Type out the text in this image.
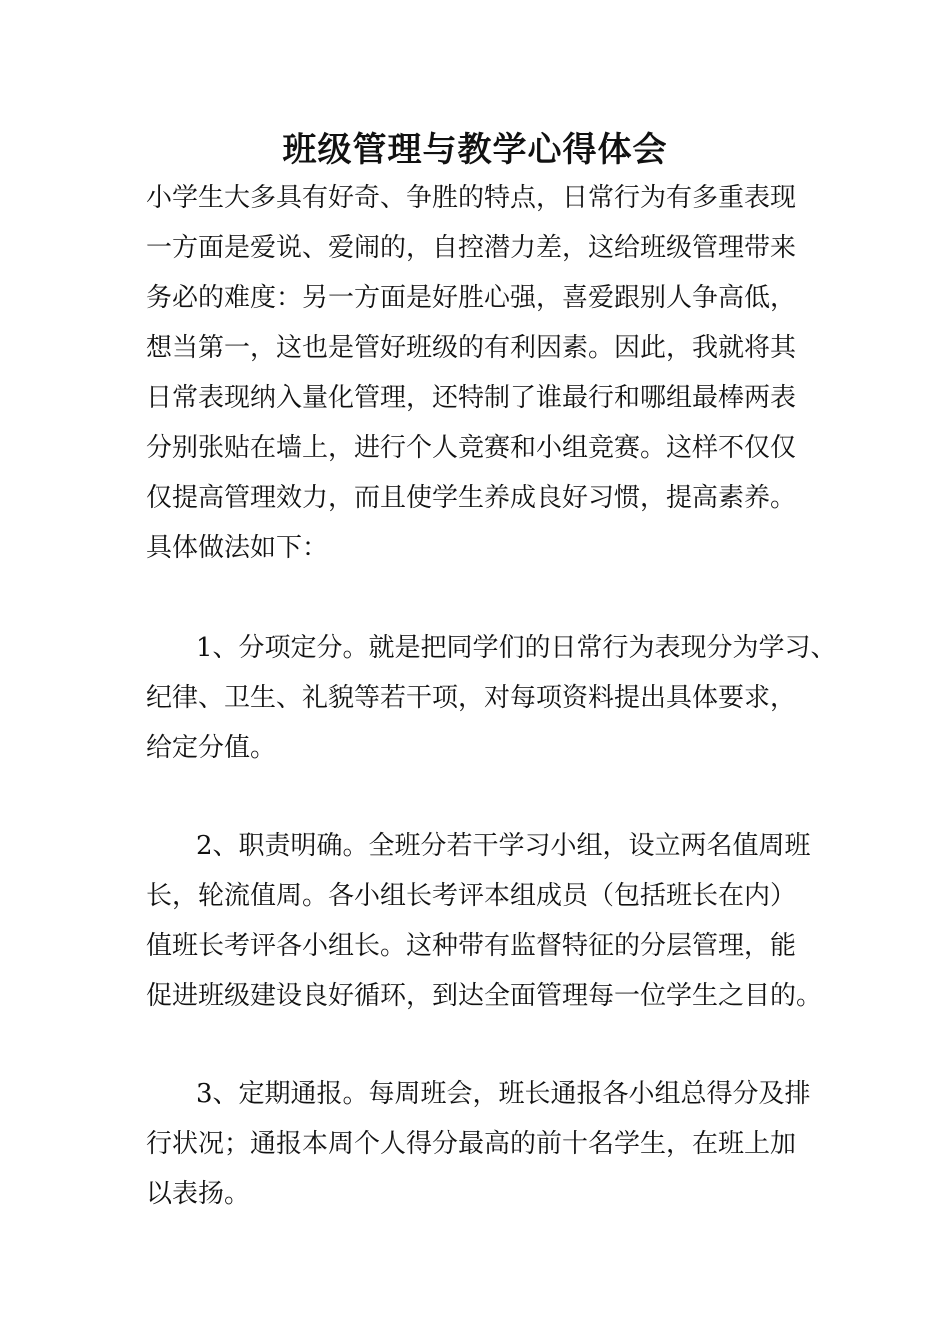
班级管理与教学心得体会

小学生大多具有好奇、争胜的特点，日常行为有多重表现

一方面是爱说、爱闹的，自控潜力差，这给班级管理带来

务必的难度：另一方面是好胜心强，喜爱跟别人争高低，

想当第一，这也是管好班级的有利因素。因此，我就将其

日常表现纳入量化管理，还特制了谁最行和哪组最棒两表

分别张贴在墙上，进行个人竞赛和小组竞赛。这样不仅仅

仅提高管理效力，而且使学生养成良好习惯，提高素养。

具体做法如下：

1、分项定分。就是把同学们的日常行为表现分为学习、

纪律、卫生、礼貌等若干项，对每项资料提出具体要求，

给定分值。

2、职责明确。全班分若干学习小组，设立两名值周班

长，轮流值周。各小组长考评本组成员（包括班长在内）

值班长考评各小组长。这种带有监督特征的分层管理，能

促进班级建设良好循环，到达全面管理每一位学生之目的。

3、定期通报。每周班会，班长通报各小组总得分及排

行状况；通报本周个人得分最高的前十名学生，在班上加

以表扬。
